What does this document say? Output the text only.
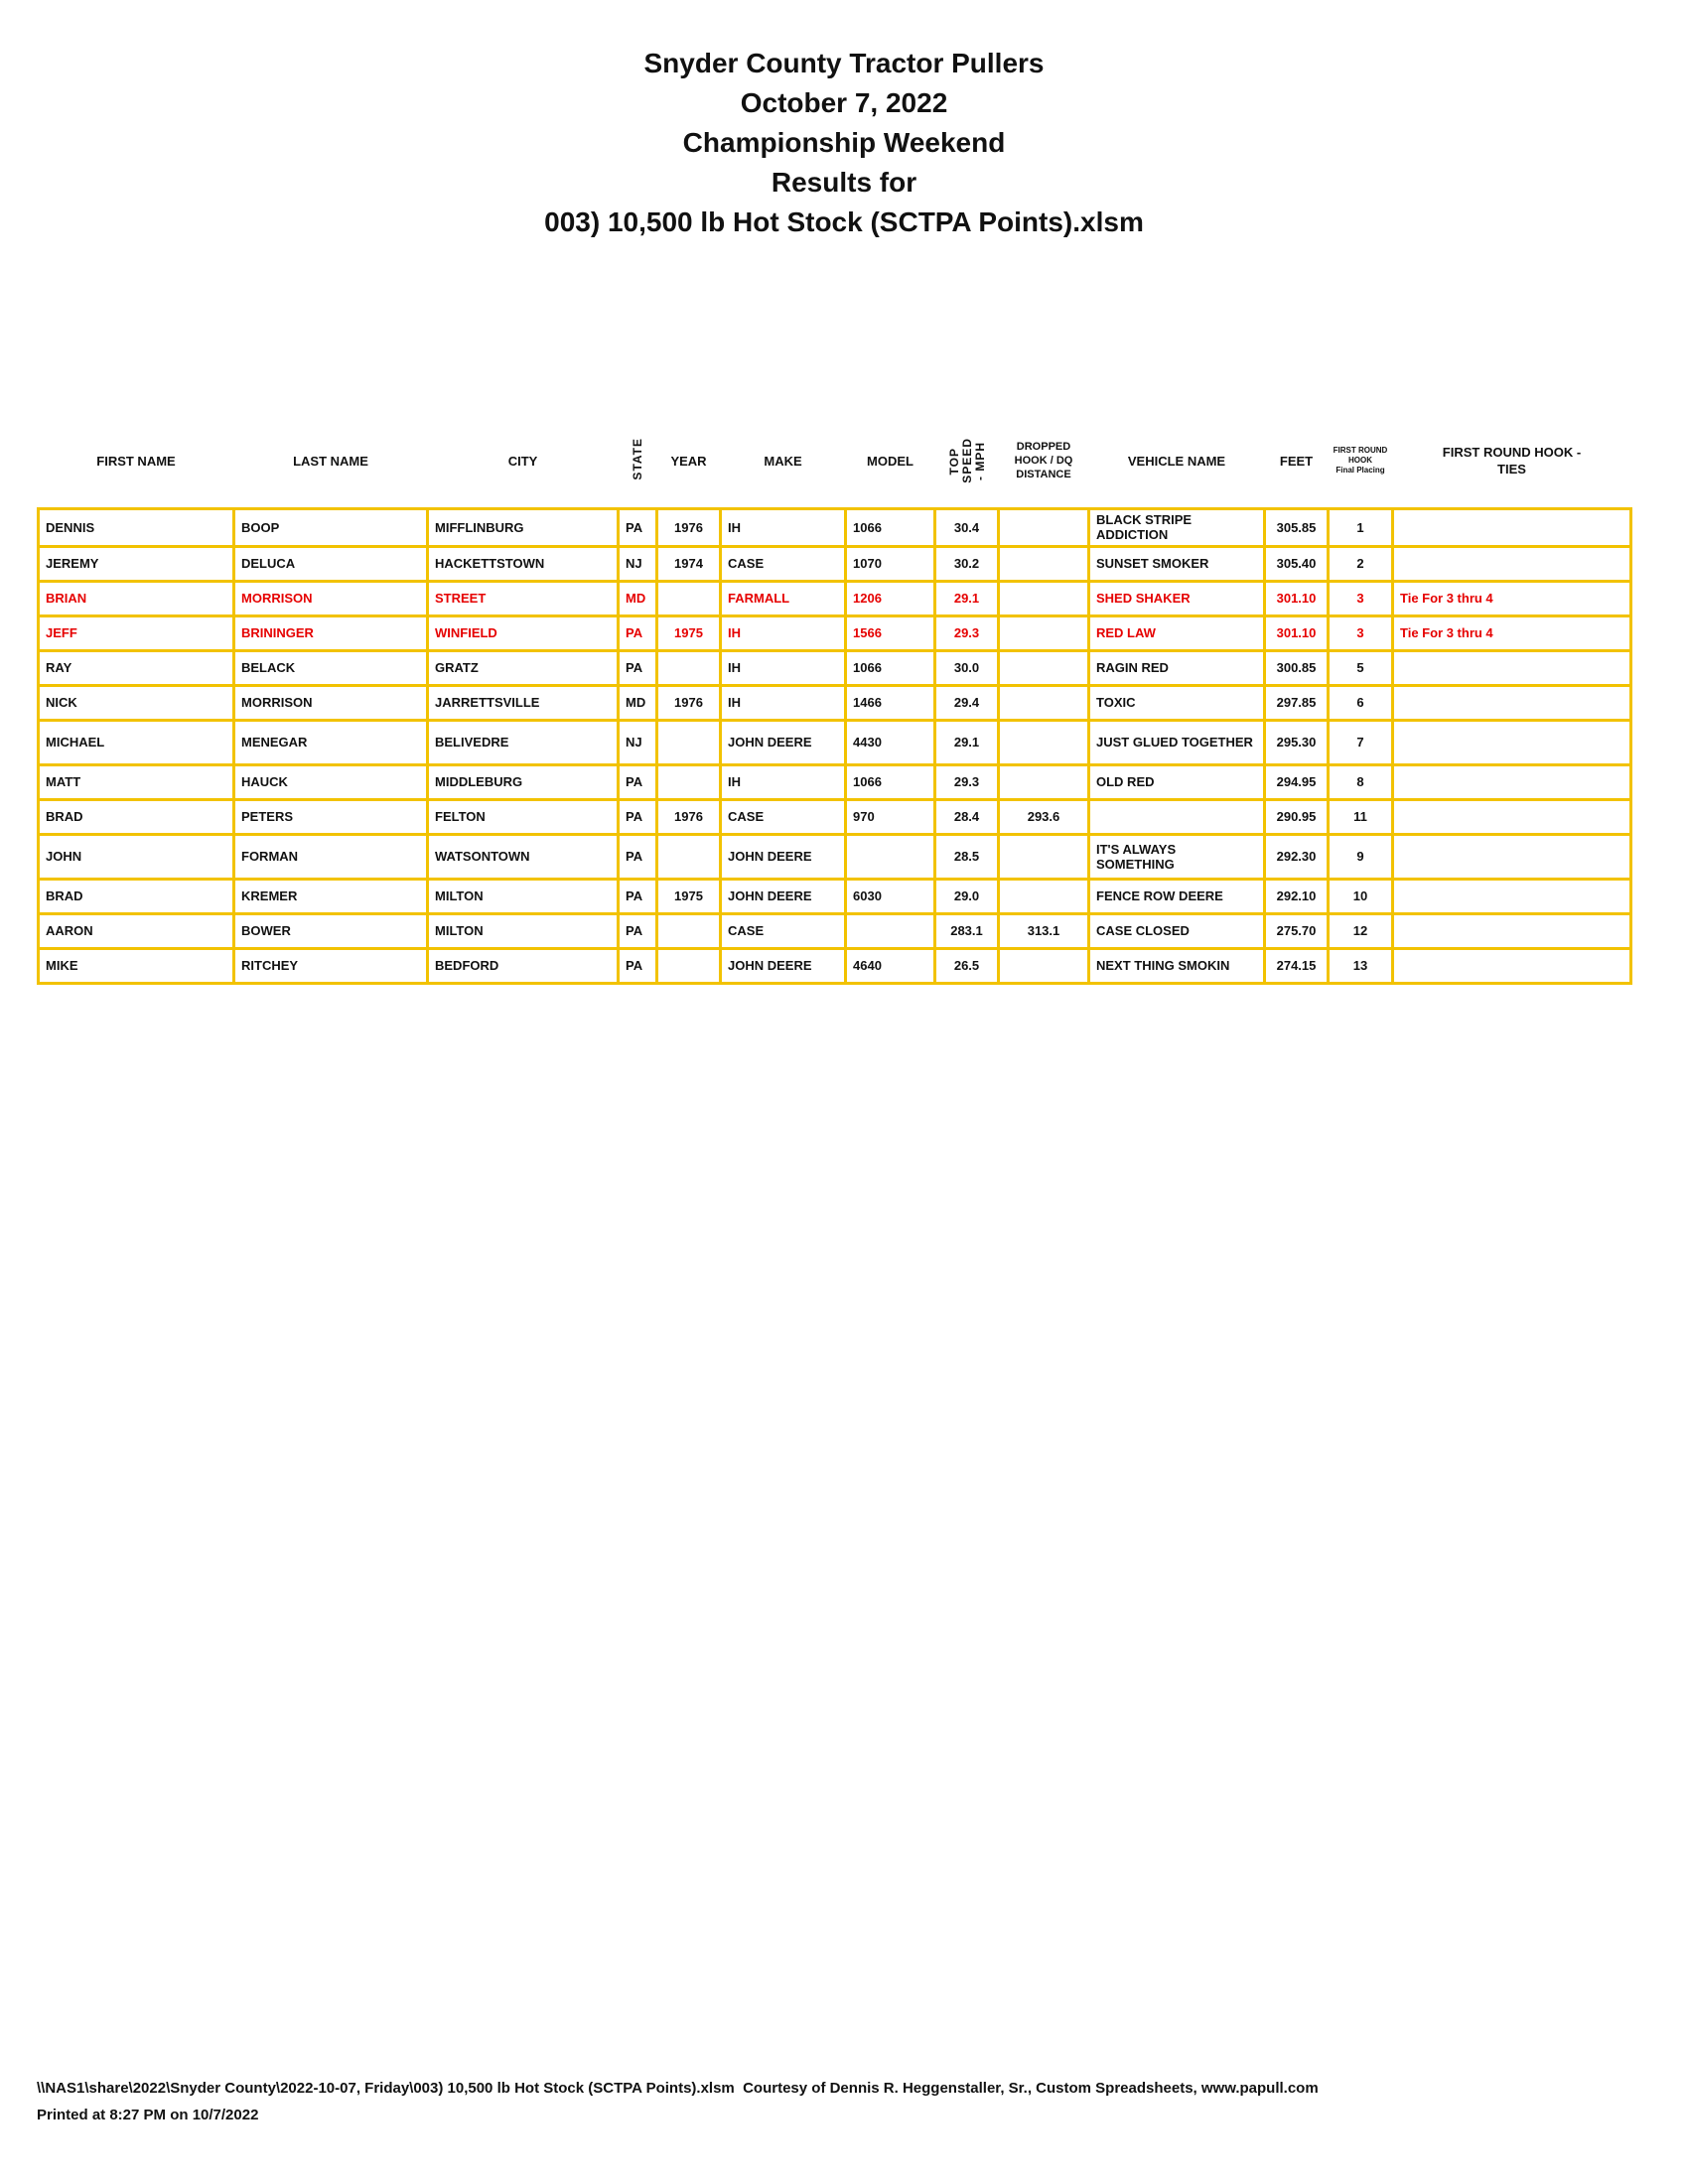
Snyder County Tractor Pullers
October 7, 2022
Championship Weekend
Results for
003) 10,500 lb Hot Stock (SCTPA Points).xlsm
FIRST NAME	LAST NAME	CITY	STATE	YEAR	MAKE	MODEL	TOP SPEED - MPH	DROPPED
HOOK / DQ
DISTANCE
	VEHICLE NAME	FEET	
FIRST ROUND
HOOK
Final Placing

FIRST ROUND HOOK -
TIES

DENNIS	BOOP	MIFFLINBURG	PA	1976	IH	1066	30.4		BLACK STRIPE ADDICTION	305.85	1	
JEREMY	DELUCA	HACKETTSTOWN	NJ	1974	CASE	1070	30.2		SUNSET SMOKER	305.40	2	
BRIAN	MORRISON	STREET	MD		FARMALL	1206	29.1		SHED SHAKER	301.10	3	Tie For 3 thru 4
JEFF	BRININGER	WINFIELD	PA	1975	IH	1566	29.3		RED LAW	301.10	3	Tie For 3 thru 4
RAY	BELACK	GRATZ	PA		IH	1066	30.0		RAGIN RED	300.85	5	
NICK	MORRISON	JARRETTSVILLE	MD	1976	IH	1466	29.4		TOXIC	297.85	6	
MICHAEL	MENEGAR	BELIVEDRE	NJ		JOHN DEERE	4430	29.1		JUST GLUED TOGETHER	295.30	7	
MATT	HAUCK	MIDDLEBURG	PA		IH	1066	29.3		OLD RED	294.95	8	
BRAD	PETERS	FELTON	PA	1976	CASE	970	28.4	293.6		290.95	11	
JOHN	FORMAN	WATSONTOWN	PA		JOHN DEERE		28.5		IT'S ALWAYS SOMETHING	292.30	9	
BRAD	KREMER	MILTON	PA	1975	JOHN DEERE	6030	29.0		FENCE ROW DEERE	292.10	10	
AARON	BOWER	MILTON	PA		CASE		283.1	313.1	CASE CLOSED	275.70	12	
MIKE	RITCHEY	BEDFORD	PA		JOHN DEERE	4640	26.5		NEXT THING SMOKIN	274.15	13	
\\NAS1\share\2022\Snyder County\2022-10-07, Friday\003) 10,500 lb Hot Stock (SCTPA Points).xlsm  Courtesy of Dennis R. Heggenstaller, Sr., Custom Spreadsheets, www.papull.com
Printed at 8:27 PM on 10/7/2022
